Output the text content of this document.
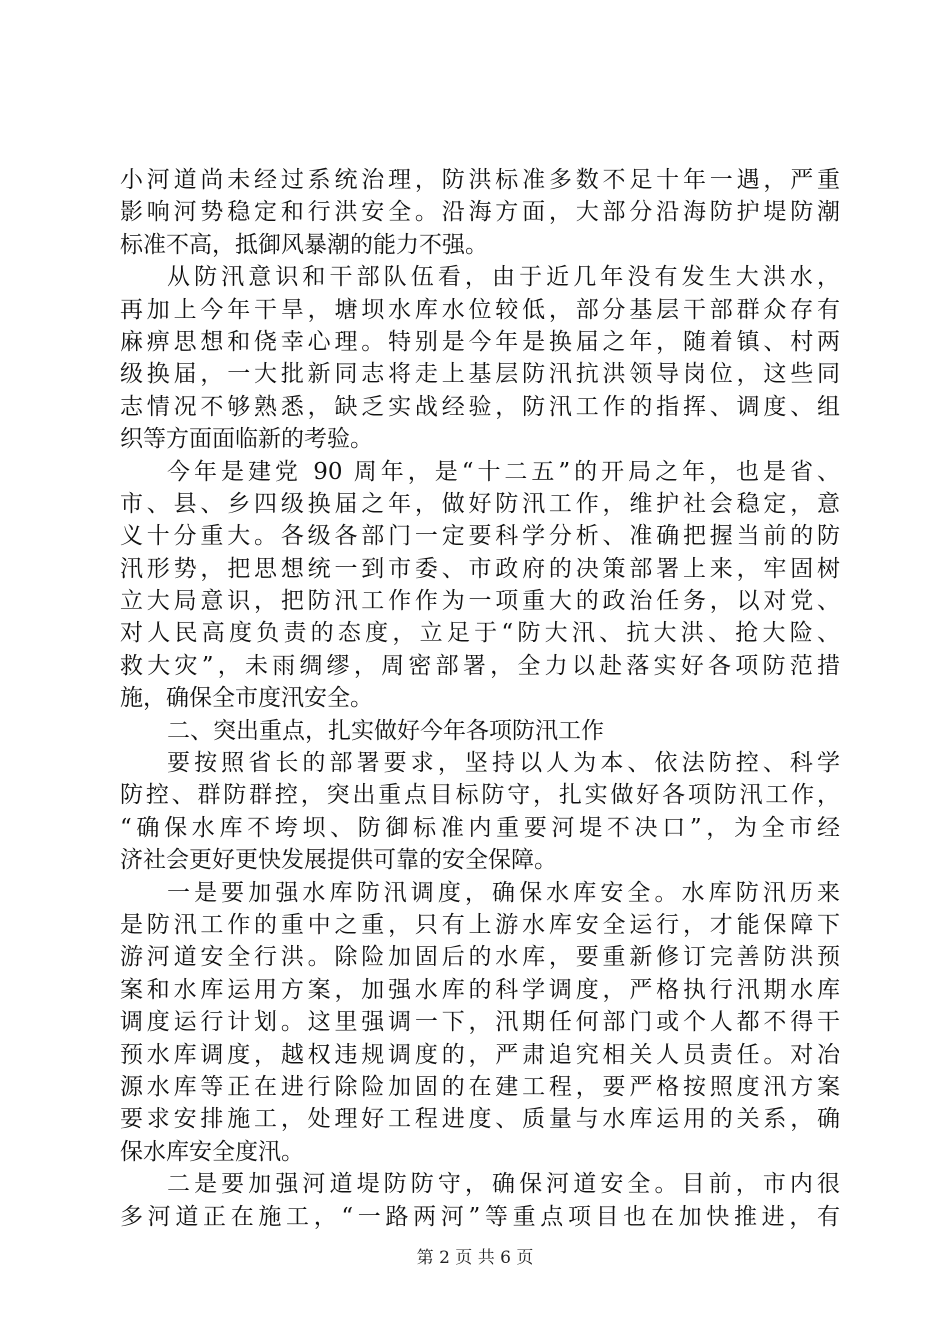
小河道尚未经过系统治理，防洪标准多数不足十年一遇，严重
影响河势稳定和行洪安全。沿海方面，大部分沿海防护堤防潮
标准不高，抵御风暴潮的能力不强。
从防汛意识和干部队伍看，由于近几年没有发生大洪水，
再加上今年干旱，塘坝水库水位较低，部分基层干部群众存有
麻痹思想和侥幸心理。特别是今年是换届之年，随着镇、村两
级换届，一大批新同志将走上基层防汛抗洪领导岗位，这些同
志情况不够熟悉，缺乏实战经验，防汛工作的指挥、调度、组
织等方面面临新的考验。
今年是建党 90 周年，是“十二五”的开局之年，也是省、
市、县、乡四级换届之年，做好防汛工作，维护社会稳定，意
义十分重大。各级各部门一定要科学分析、准确把握当前的防
汛形势，把思想统一到市委、市政府的决策部署上来，牢固树
立大局意识，把防汛工作作为一项重大的政治任务，以对党、
对人民高度负责的态度，立足于“防大汛、抗大洪、抢大险、
救大灾”，未雨绸缪，周密部署，全力以赴落实好各项防范措
施，确保全市度汛安全。
二、突出重点，扎实做好今年各项防汛工作
要按照省长的部署要求，坚持以人为本、依法防控、科学
防控、群防群控，突出重点目标防守，扎实做好各项防汛工作，
“确保水库不垮坝、防御标准内重要河堤不决口”，为全市经
济社会更好更快发展提供可靠的安全保障。
一是要加强水库防汛调度，确保水库安全。水库防汛历来
是防汛工作的重中之重，只有上游水库安全运行，才能保障下
游河道安全行洪。除险加固后的水库，要重新修订完善防洪预
案和水库运用方案，加强水库的科学调度，严格执行汛期水库
调度运行计划。这里强调一下，汛期任何部门或个人都不得干
预水库调度，越权违规调度的，严肃追究相关人员责任。对冶
源水库等正在进行除险加固的在建工程，要严格按照度汛方案
要求安排施工，处理好工程进度、质量与水库运用的关系，确
保水库安全度汛。
二是要加强河道堤防防守，确保河道安全。目前，市内很
多河道正在施工，“一路两河”等重点项目也在加快推进，有
第 2 页 共 6 页
